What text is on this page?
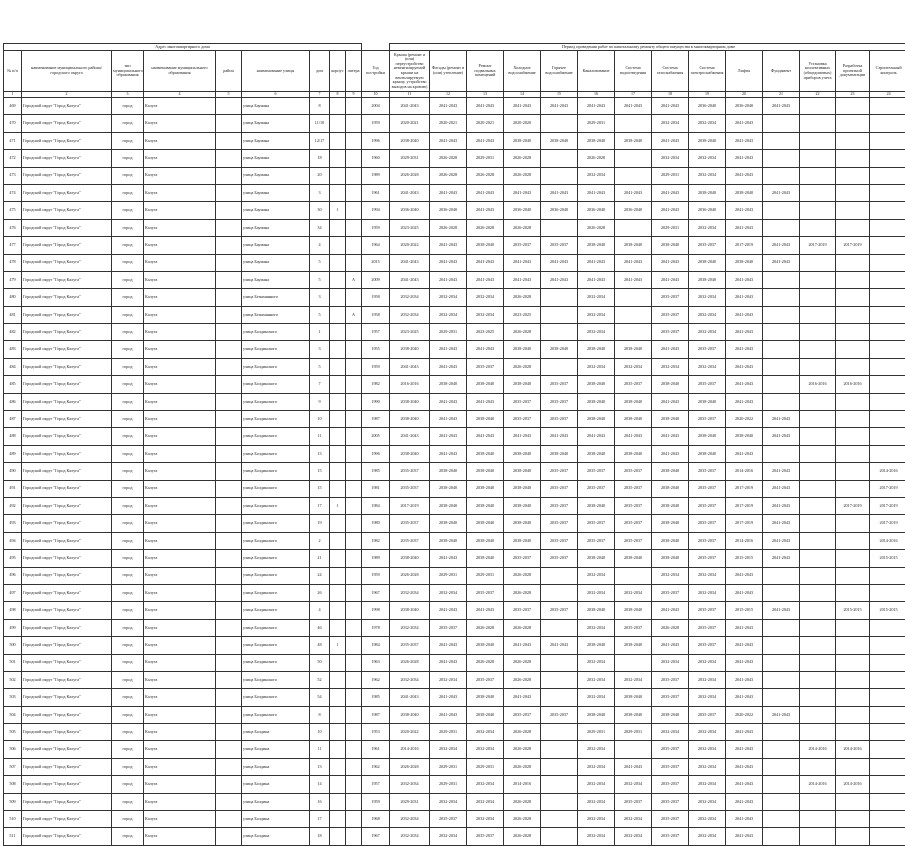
Адрес многоквартирного дома										Период проведения работ по капитальному ремонту общего имущества в многоквартирном доме													
№ п/п	наименование муниципального района/городского округа	тип муниципального образования	наименование муниципального образования	район	наименование улицы	дом	корпус	литера	Год постройки	Крыша (ремонт и (или) переустройство невентилируемой крыши на вентилируемую крышу, устройство выходов на кровлю)	Фасады (ремонт и (или) утепление)	Ремонт подвальных помещений	Холодное водоснабжение	Горячее водоснабжение	Канализование	Система водоотведения	Система газоснабжения	Система электроснабжения	Лифты	Фундамент	Установка коллективных (общедомовых) приборов учета	Разработка проектной документации	Строительный контроль
1	2	3	4	5	6	7	8	9	10	11	12	13	14	15	16	17	18	19	20	21	22	23	24
469	Городской округ "Город Калуга"	город	Калуга		улица Баумана	8			2004	2041-2043	2041-2043	2041-2043	2041-2043	2041-2043	2041-2043	2041-2043	2041-2043	2036-2040	2036-2040	2041-2043			
470	Городской округ "Город Калуга"	город	Калуга		улица Баумана	11/10			1959	2020-2021	2020-2021	2020-2021	2020-2020		2029-2031		2032-2034	2032-2034	2041-2043				
471	Городской округ "Город Калуга"	город	Калуга		улица Баумана	12/17			1996	2038-2040	2041-2043	2041-2043	2038-2040	2038-2040	2038-2040	2038-2040	2041-2043	2038-2040	2041-2043				
472	Городской округ "Город Калуга"	город	Калуга		улица Баумана	18			1960	2029-2031	2026-2028	2029-2031	2026-2028		2026-2028		2032-2034	2032-2034	2041-2043				
473	Городской округ "Город Калуга"	город	Калуга		улица Баумана	20			1989	2026-2028	2026-2028	2026-2028	2026-2028		2032-2034		2029-2031	2032-2034	2041-2043				
474	Городской округ "Город Калуга"	город	Калуга		улица Баумана	3			1961	2041-2043	2041-2043	2041-2043	2041-2043	2041-2043	2041-2043	2041-2043	2041-2043	2038-2040	2038-2040	2041-2043			
475	Городской округ "Город Калуга"	город	Калуга		улица Баумана	30	1		1994	2036-2040	2036-2040	2041-2043	2036-2040	2036-2040	2036-2040	2036-2040	2041-2043	2036-2040	2041-2043				
476	Городской округ "Город Калуга"	город	Калуга		улица Баумана	34			1959	2023-2025	2026-2028	2026-2028	2026-2028		2026-2028		2029-2031	2032-2034	2041-2043				
477	Городской округ "Город Калуга"	город	Калуга		улица Баумана	4			1964	2020-2022	2041-2043	2038-2040	2035-2037	2035-2037	2038-2040	2038-2040	2038-2040	2035-2037	2017-2019	2041-2043	2017-2019	2017-2019	
478	Городской округ "Город Калуга"	город	Калуга		улица Баумана	5			2015	2041-2043	2041-2043	2041-2043	2041-2043	2041-2043	2041-2043	2041-2043	2041-2043	2038-2040	2038-2040	2041-2043			
479	Городской округ "Город Калуга"	город	Калуга		улица Баумана	5		А	2009	2041-2043	2041-2043	2041-2043	2041-2043	2041-2043	2041-2043	2041-2043	2041-2043	2038-2040	2041-2043				
480	Городской округ "Город Калуга"	город	Калуга		улица Безымянного	3			1958	2032-2034	2032-2034	2032-2034	2026-2028		2032-2034		2035-2037	2032-2034	2041-2043				
481	Городской округ "Город Калуга"	город	Калуга		улица Безымянного	5		А	1958	2032-2034	2032-2034	2032-2034	2023-2025		2032-2034		2035-2037	2032-2034	2041-2043				
482	Городской округ "Город Калуга"	город	Калуга		улица Болдинского	1			1957	2023-2025	2029-2031	2023-2025	2026-2028		2032-2034		2035-2037	2032-2034	2041-2043				
483	Городской округ "Город Калуга"	город	Калуга		улица Болдинского	3			1955	2038-2040	2041-2043	2041-2043	2038-2040	2038-2040	2038-2040	2038-2040	2041-2043	2035-2037	2041-2043				
484	Городской округ "Город Калуга"	город	Калуга		улица Болдинского	5			1959	2041-2043	2041-2043	2035-2037	2026-2028		2032-2034	2032-2034	2032-2034	2032-2034	2041-2043				
485	Городской округ "Город Калуга"	город	Калуга		улица Болдинского	7			1982	2016-2016	2038-2040	2038-2040	2038-2040	2035-2037	2038-2040	2035-2037	2038-2040	2035-2037	2041-2043		2016-2016	2016-2016	
486	Городской округ "Город Калуга"	город	Калуга		улица Болдинского	9			1990	2038-2040	2041-2043	2041-2043	2035-2037	2035-2037	2038-2040	2038-2040	2041-2043	2038-2040	2041-2043				
487	Городской округ "Город Калуга"	город	Калуга		улица Болдинского	10			1987	2038-2040	2041-2043	2038-2040	2035-2037	2035-2037	2038-2040	2038-2040	2038-2040	2035-2037	2020-2022	2041-2043			
488	Городской округ "Город Калуга"	город	Калуга		улица Болдинского	11			2005	2041-2043	2041-2043	2041-2043	2041-2043	2041-2043	2041-2043	2041-2043	2041-2043	2038-2040	2038-2040	2041-2043			
489	Городской округ "Город Калуга"	город	Калуга		улица Болдинского	13			1996	2038-2040	2041-2043	2038-2040	2038-2040	2038-2040	2038-2040	2038-2040	2041-2043	2038-2040	2041-2043				
490	Городской округ "Город Калуга"	город	Калуга		улица Болдинского	15			1985	2035-2037	2038-2040	2038-2040	2038-2040	2035-2037	2035-2037	2035-2037	2038-2040	2035-2037	2014-2016	2041-2043			2014-2016
491	Городской округ "Город Калуга"	город	Калуга		улица Болдинского	15			1981	2035-2037	2038-2040	2038-2040	2038-2040	2035-2037	2035-2037	2035-2037	2038-2040	2035-2037	2017-2019	2041-2043			2017-2019
492	Городской округ "Город Калуга"	город	Калуга		улица Болдинского	17	1		1984	2017-2019	2038-2040	2038-2040	2038-2040	2035-2037	2038-2040	2035-2037	2038-2040	2035-2037	2017-2019	2041-2043		2017-2019	2017-2019
493	Городской округ "Город Калуга"	город	Калуга		улица Болдинского	19			1980	2035-2037	2038-2040	2038-2040	2038-2040	2035-2037	2035-2037	2035-2037	2038-2040	2035-2037	2017-2019	2041-2043			2017-2019
494	Городской округ "Город Калуга"	город	Калуга		улица Болдинского	2			1982	2035-2037	2038-2040	2038-2040	2038-2040	2035-2037	2035-2037	2035-2037	2038-2040	2035-2037	2014-2016	2041-2043			2014-2016
495	Городской округ "Город Калуга"	город	Калуга		улица Болдинского	21			1989	2038-2040	2041-2043	2038-2040	2035-2037	2035-2037	2038-2040	2038-2040	2038-2040	2035-2037	2015-2015	2041-2043			2015-2015
496	Городской округ "Город Калуга"	город	Калуга		улица Болдинского	24			1959	2026-2028	2029-2031	2029-2031	2026-2028		2032-2034		2032-2034	2032-2034	2041-2043				
497	Городской округ "Город Калуга"	город	Калуга		улица Болдинского	26			1967	2032-2034	2032-2034	2035-2037	2026-2028		2032-2034	2032-2034	2035-2037	2032-2034	2041-2043				
498	Городской округ "Город Калуга"	город	Калуга		улица Болдинского	4			1998	2038-2040	2041-2043	2041-2043	2035-2037	2035-2037	2038-2040	2038-2040	2041-2043	2035-2037	2015-2015	2041-2043		2015-2015	2015-2015
499	Городской округ "Город Калуга"	город	Калуга		улица Болдинского	46			1978	2032-2034	2035-2037	2026-2028	2026-2028		2032-2034	2035-2037	2026-2028	2035-2037	2041-2043				
500	Городской округ "Город Калуга"	город	Калуга		улица Болдинского	48	1		1984	2035-2037	2041-2043	2038-2040	2041-2043	2041-2043	2038-2040	2038-2040	2041-2043	2035-2037	2041-2043				
501	Городской округ "Город Калуга"	город	Калуга		улица Болдинского	50			1963	2026-2028	2041-2043	2026-2028	2026-2028		2032-2034		2032-2034	2032-2034	2041-2043				
502	Городской округ "Город Калуга"	город	Калуга		улица Болдинского	52			1962	2032-2034	2032-2034	2035-2037	2026-2028		2032-2034	2032-2034	2035-2037	2032-2034	2041-2043				
503	Городской округ "Город Калуга"	город	Калуга		улица Болдинского	54			1985	2041-2043	2041-2043	2038-2040	2041-2043		2032-2034	2038-2040	2035-2037	2032-2034	2041-2043				
504	Городской округ "Город Калуга"	город	Калуга		улица Болдинского	8			1987	2038-2040	2041-2043	2038-2040	2035-2037	2035-2037	2038-2040	2038-2040	2038-2040	2035-2037	2020-2022	2041-2043			
505	Городской округ "Город Калуга"	город	Калуга		улица Болдина	10			1953	2020-2022	2029-2031	2032-2034	2026-2028		2029-2031	2029-2031	2032-2034	2032-2034	2041-2043				
506	Городской округ "Город Калуга"	город	Калуга		улица Болдина	11			1961	2014-2016	2032-2034	2032-2034	2026-2028		2032-2034		2035-2037	2032-2034	2041-2043		2014-2016	2014-2016	
507	Городской округ "Город Калуга"	город	Калуга		улица Болдина	13			1962	2026-2028	2029-2031	2029-2031	2026-2028		2032-2034	2041-2043	2035-2037	2032-2034	2041-2043				
508	Городской округ "Город Калуга"	город	Калуга		улица Болдина	14			1957	2032-2034	2029-2031	2032-2034	2014-2016		2032-2034	2032-2034	2035-2037	2032-2034	2041-2043		2014-2016	2014-2016	
509	Городской округ "Город Калуга"	город	Калуга		улица Болдина	16			1959	2029-2031	2032-2034	2032-2034	2026-2028		2032-2034	2035-2037	2035-2037	2032-2034	2041-2043				
510	Городской округ "Город Калуга"	город	Калуга		улица Болдина	17			1968	2032-2034	2035-2037	2032-2034	2026-2028		2032-2034	2032-2034	2035-2037	2032-2034	2041-2043				
511	Городской округ "Город Калуга"	город	Калуга		улица Болдина	18			1967	2032-2034	2032-2034	2035-2037	2026-2028		2032-2034	2032-2034	2035-2037	2032-2034	2041-2043				
